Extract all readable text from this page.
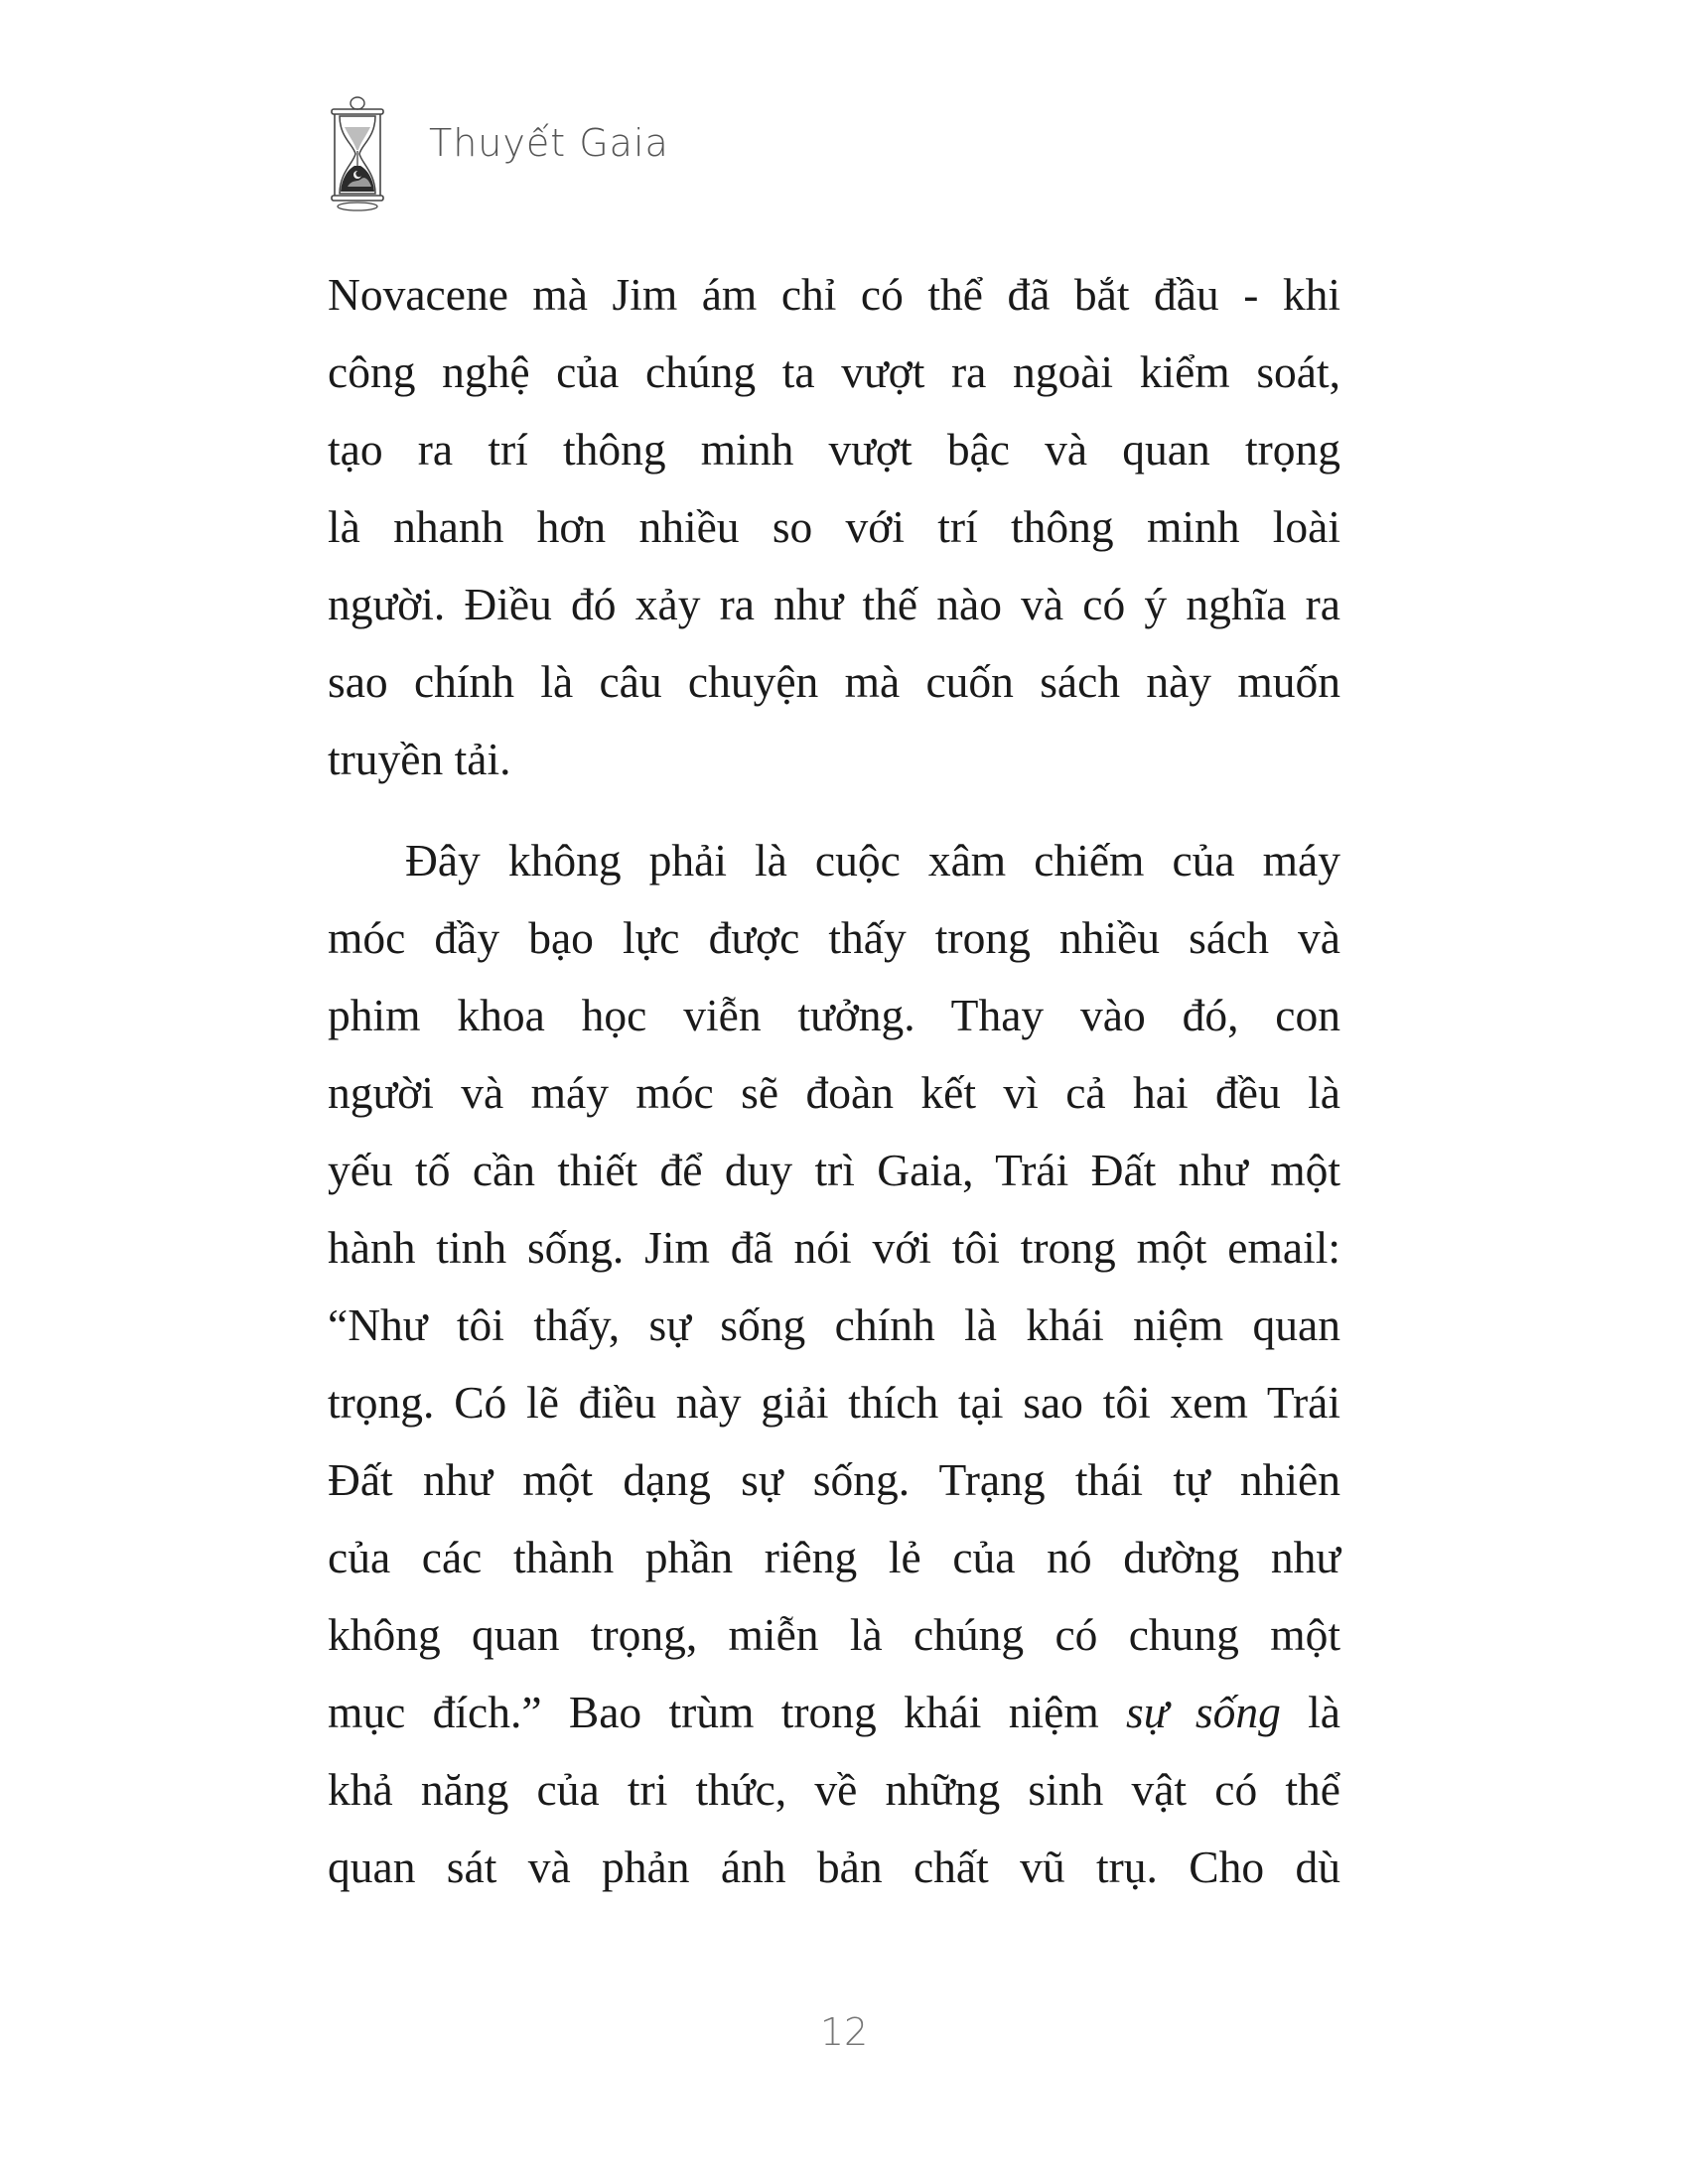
Thuyết Gaia
Novacene mà Jim ám chỉ có thể đã bắt đầu - khi
công nghệ của chúng ta vượt ra ngoài kiểm soát,
tạo ra trí thông minh vượt bậc và quan trọng
là nhanh hơn nhiều so với trí thông minh loài
người. Điều đó xảy ra như thế nào và có ý nghĩa ra
sao chính là câu chuyện mà cuốn sách này muốn
truyền tải.
Đây không phải là cuộc xâm chiếm của máy
móc đầy bạo lực được thấy trong nhiều sách và
phim khoa học viễn tưởng. Thay vào đó, con
người và máy móc sẽ đoàn kết vì cả hai đều là
yếu tố cần thiết để duy trì Gaia, Trái Đất như một
hành tinh sống. Jim đã nói với tôi trong một email:
“Như tôi thấy, sự sống chính là khái niệm quan
trọng. Có lẽ điều này giải thích tại sao tôi xem Trái
Đất như một dạng sự sống. Trạng thái tự nhiên
của các thành phần riêng lẻ của nó dường như
không quan trọng, miễn là chúng có chung một
mục đích.” Bao trùm trong khái niệm sự sống là
khả năng của tri thức, về những sinh vật có thể
quan sát và phản ánh bản chất vũ trụ. Cho dù
12
